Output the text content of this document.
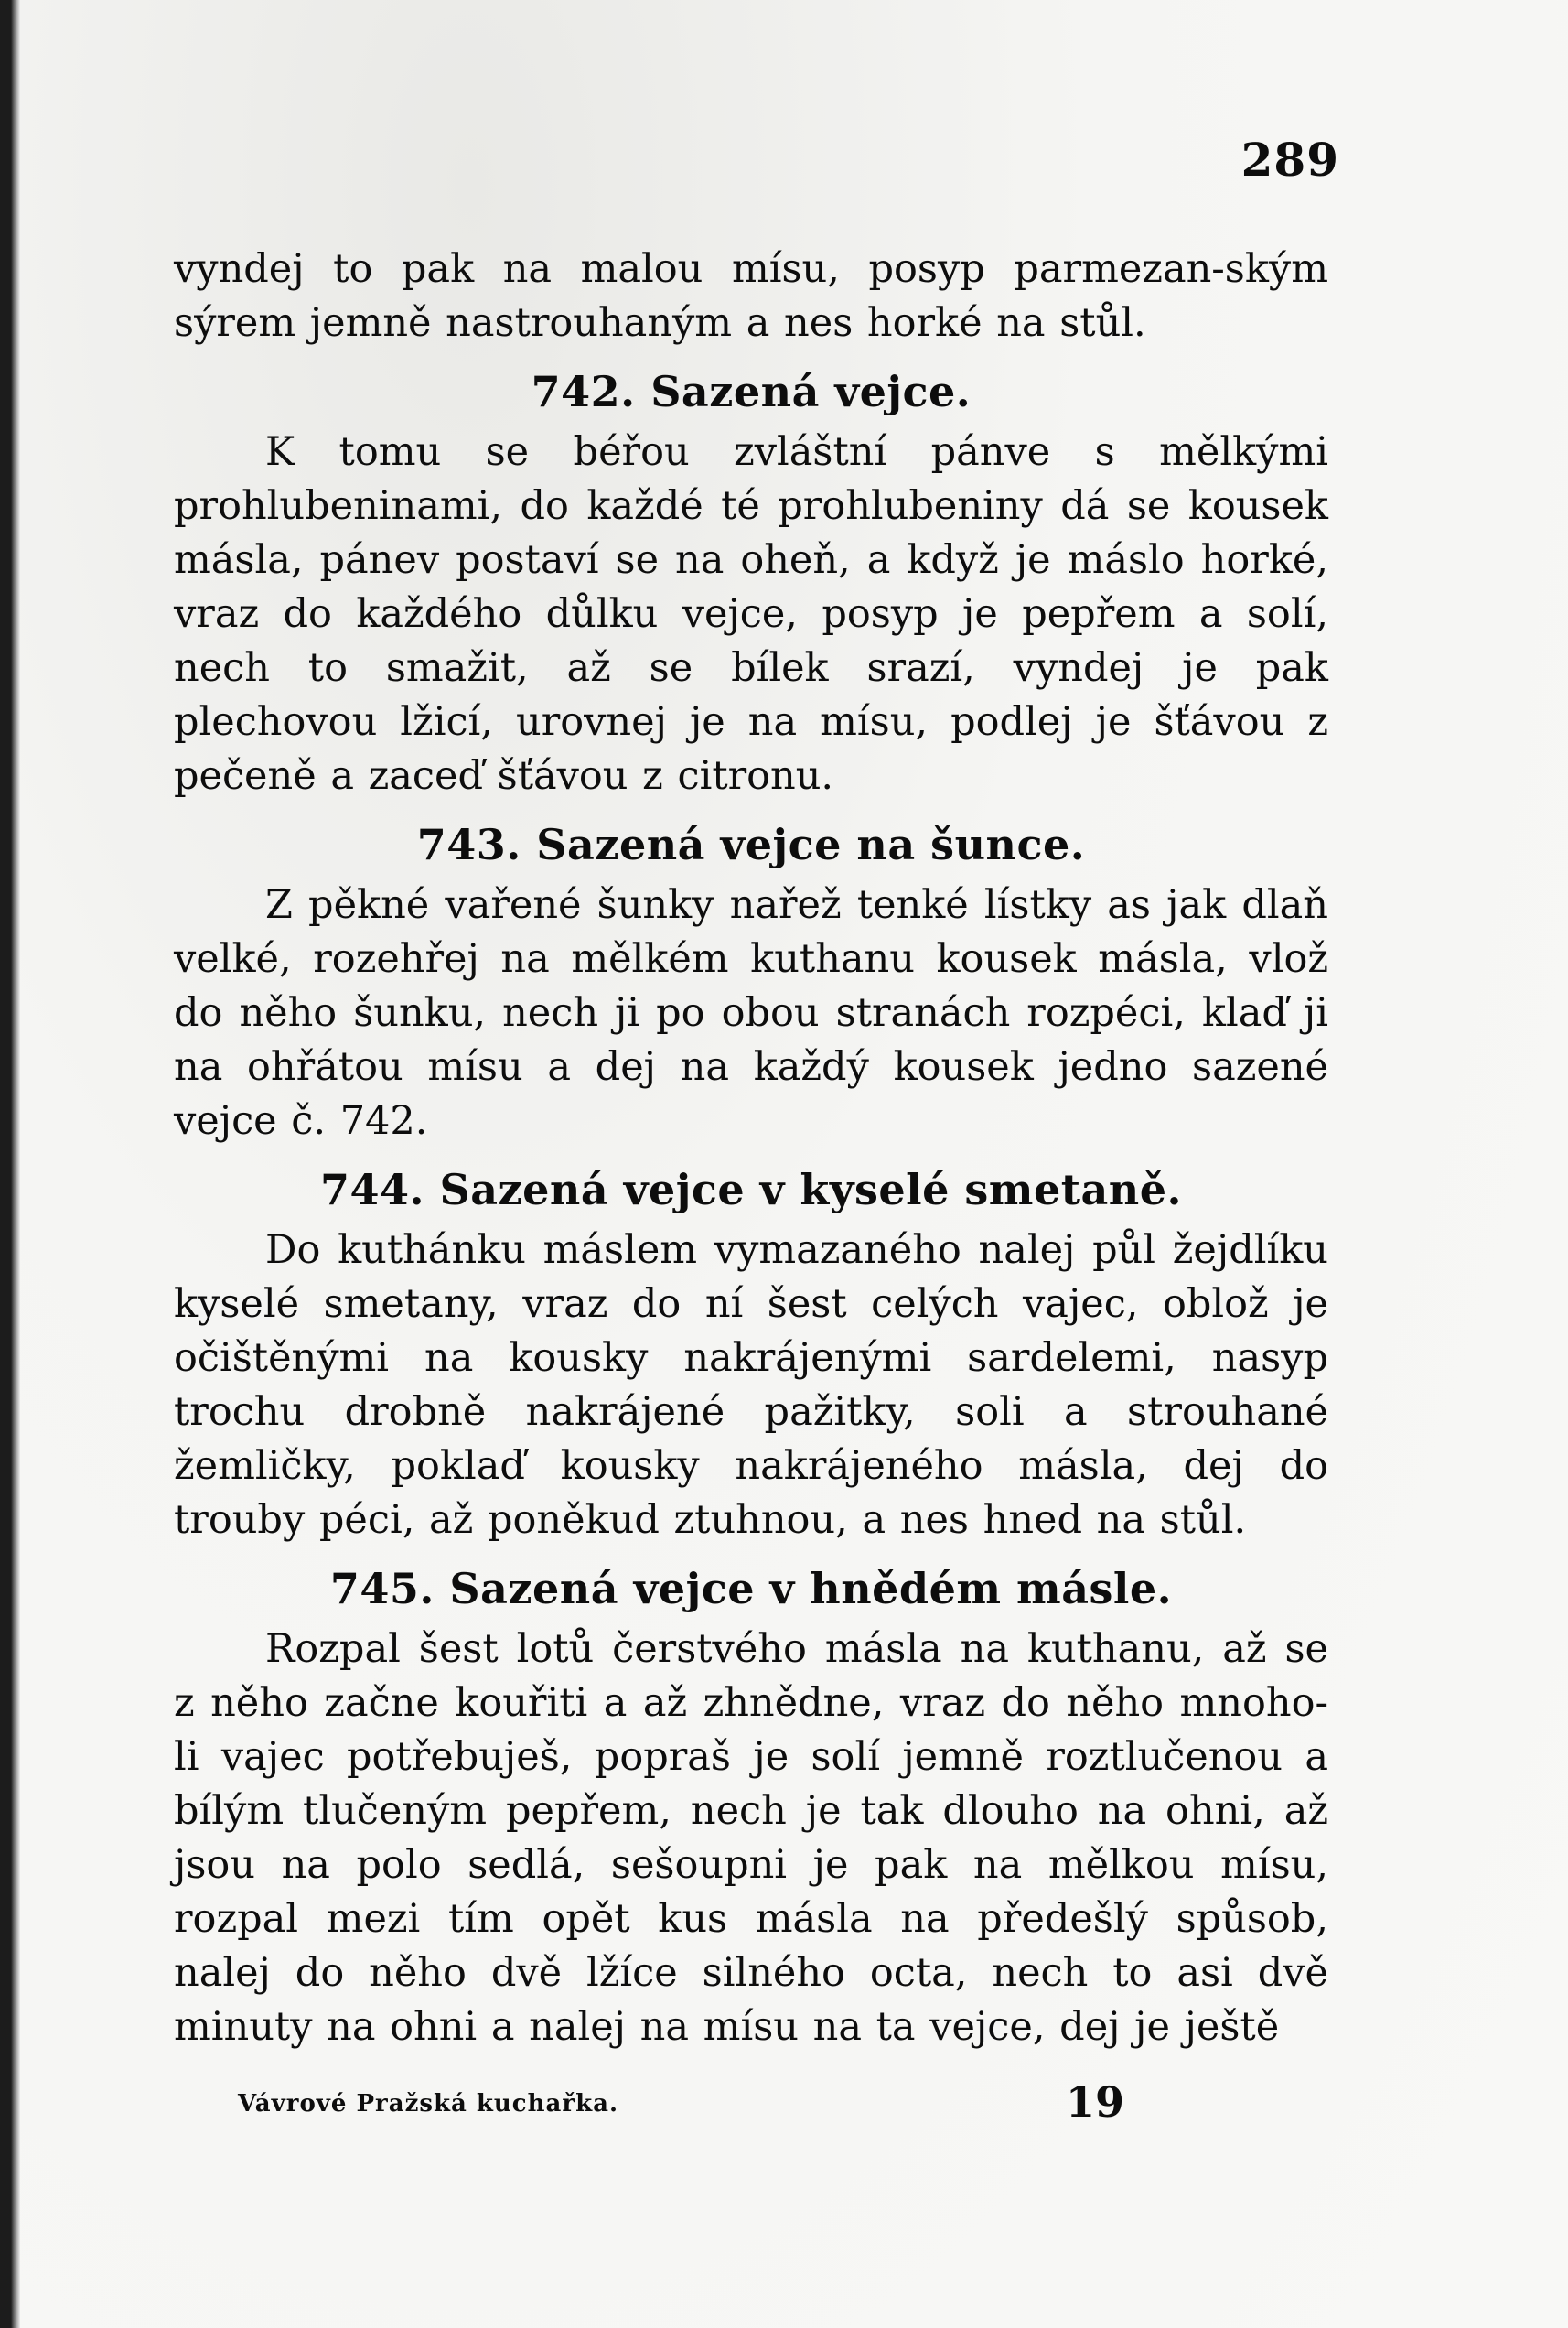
289

vyndej to pak na malou mísu, posyp parmezan-ským sýrem jemně nastrouhaným a nes horké na stůl.

742. Sazená vejce.

K tomu se béřou zvláštní pánve s mělkými prohlubeninami, do každé té prohlubeniny dá se kousek másla, pánev postaví se na oheň, a když je máslo horké, vraz do každého důlku vejce, posyp je pepřem a solí, nech to smažit, až se bílek srazí, vyndej je pak plechovou lžicí, urovnej je na mísu, podlej je šťávou z pečeně a zaceď šťávou z citronu.

743. Sazená vejce na šunce.

Z pěkné vařené šunky nařež tenké lístky as jak dlaň velké, rozehřej na mělkém kuthanu kousek másla, vlož do něho šunku, nech ji po obou stranách rozpéci, klaď ji na ohřátou mísu a dej na každý kousek jedno sazené vejce č. 742.

744. Sazená vejce v kyselé smetaně.

Do kuthánku máslem vymazaného nalej půl žejdlíku kyselé smetany, vraz do ní šest celých vajec, oblož je očištěnými na kousky nakrájenými sardelemi, nasyp trochu drobně nakrájené pažitky, soli a strouhané žemličky, poklaď kousky nakrájeného másla, dej do trouby péci, až poněkud ztuhnou, a nes hned na stůl.

745. Sazená vejce v hnědém másle.

Rozpal šest lotů čerstvého másla na kuthanu, až se z něho začne kouřiti a až zhnědne, vraz do něho mnoho-li vajec potřebuješ, popraš je solí jemně roztlučenou a bílým tlučeným pepřem, nech je tak dlouho na ohni, až jsou na polo sedlá, sešoupni je pak na mělkou mísu, rozpal mezi tím opět kus másla na předešlý spůsob, nalej do něho dvě lžíce silného octa, nech to asi dvě minuty na ohni a nalej na mísu na ta vejce, dej je ještě

Vávrové Pražská kuchařka.	19
